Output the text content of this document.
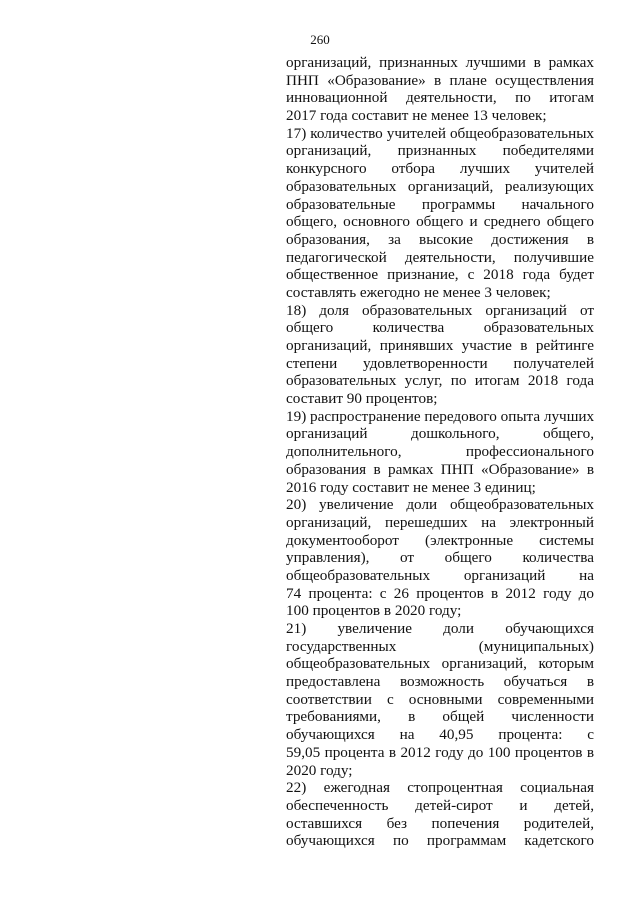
260
организаций, признанных лучшими в рамках
ПНП «Образование» в плане осуществления
инновационной деятельности, по итогам
2017 года составит не менее 13 человек;
17) количество учителей общеобразовательных
организаций, признанных победителями
конкурсного отбора лучших учителей
образовательных организаций, реализующих
образовательные программы начального
общего, основного общего и среднего общего
образования, за высокие достижения в
педагогической деятельности, получившие
общественное признание, с 2018 года будет
составлять ежегодно не менее 3 человек;
18) доля образовательных организаций от
общего количества образовательных
организаций, принявших участие в рейтинге
степени удовлетворенности получателей
образовательных услуг, по итогам 2018 года
составит 90 процентов;
19) распространение передового опыта лучших
организаций дошкольного, общего,
дополнительного, профессионального
образования в рамках ПНП «Образование» в
2016 году составит не менее 3 единиц;
20) увеличение доли общеобразовательных
организаций, перешедших на электронный
документооборот (электронные системы
управления), от общего количества
общеобразовательных организаций на
74 процента: с 26 процентов в 2012 году до
100 процентов в 2020 году;
21) увеличение доли обучающихся
государственных (муниципальных)
общеобразовательных организаций, которым
предоставлена возможность обучаться в
соответствии с основными современными
требованиями, в общей численности
обучающихся на 40,95 процента: с
59,05 процента в 2012 году до 100 процентов в
2020 году;
22) ежегодная стопроцентная социальная
обеспеченность детей-сирот и детей,
оставшихся без попечения родителей,
обучающихся по программам кадетского
